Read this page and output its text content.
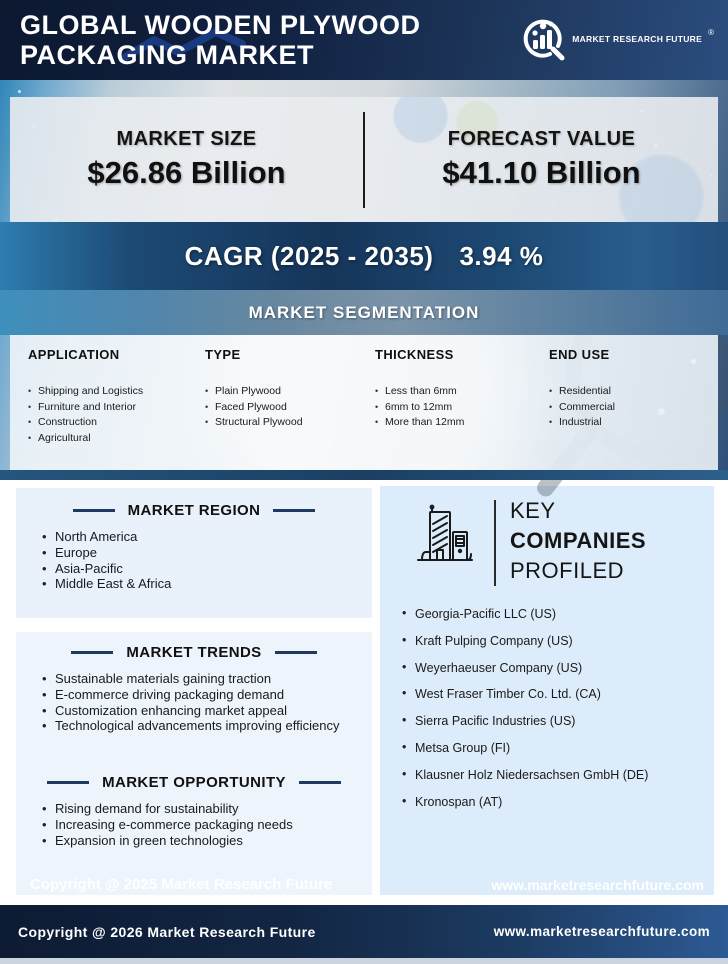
GLOBAL WOODEN PLYWOOD PACKAGING MARKET
MARKET RESEARCH FUTURE
®
MARKET SIZE
$26.86 Billion
FORECAST VALUE
$41.10 Billion
CAGR (2025 - 2035) 3.94 %
MARKET SEGMENTATION
APPLICATION
• Shipping and Logistics
• Furniture and Interior
• Construction
• Agricultural
TYPE
• Plain Plywood
• Faced Plywood
• Structural Plywood
THICKNESS
• Less than 6mm
• 6mm to 12mm
• More than 12mm
END USE
• Residential
• Commercial
• Industrial
MARKET REGION
• North America
• Europe
• Asia-Pacific
• Middle East & Africa
MARKET TRENDS
• Sustainable materials gaining traction
• E-commerce driving packaging demand
• Customization enhancing market appeal
• Technological advancements improving efficiency
MARKET OPPORTUNITY
• Rising demand for sustainability
• Increasing e-commerce packaging needs
• Expansion in green technologies
Copyright @ 2025 Market Research Future
KEY
COMPANIES
PROFILED
• Georgia-Pacific LLC (US)
• Kraft Pulping Company (US)
• Weyerhaeuser Company (US)
• West Fraser Timber Co. Ltd. (CA)
• Sierra Pacific Industries (US)
• Metsa Group (FI)
• Klausner Holz Niedersachsen GmbH (DE)
• Kronospan (AT)
www.marketresearchfuture.com
Copyright @ 2026 Market Research Future	www.marketresearchfuture.com
